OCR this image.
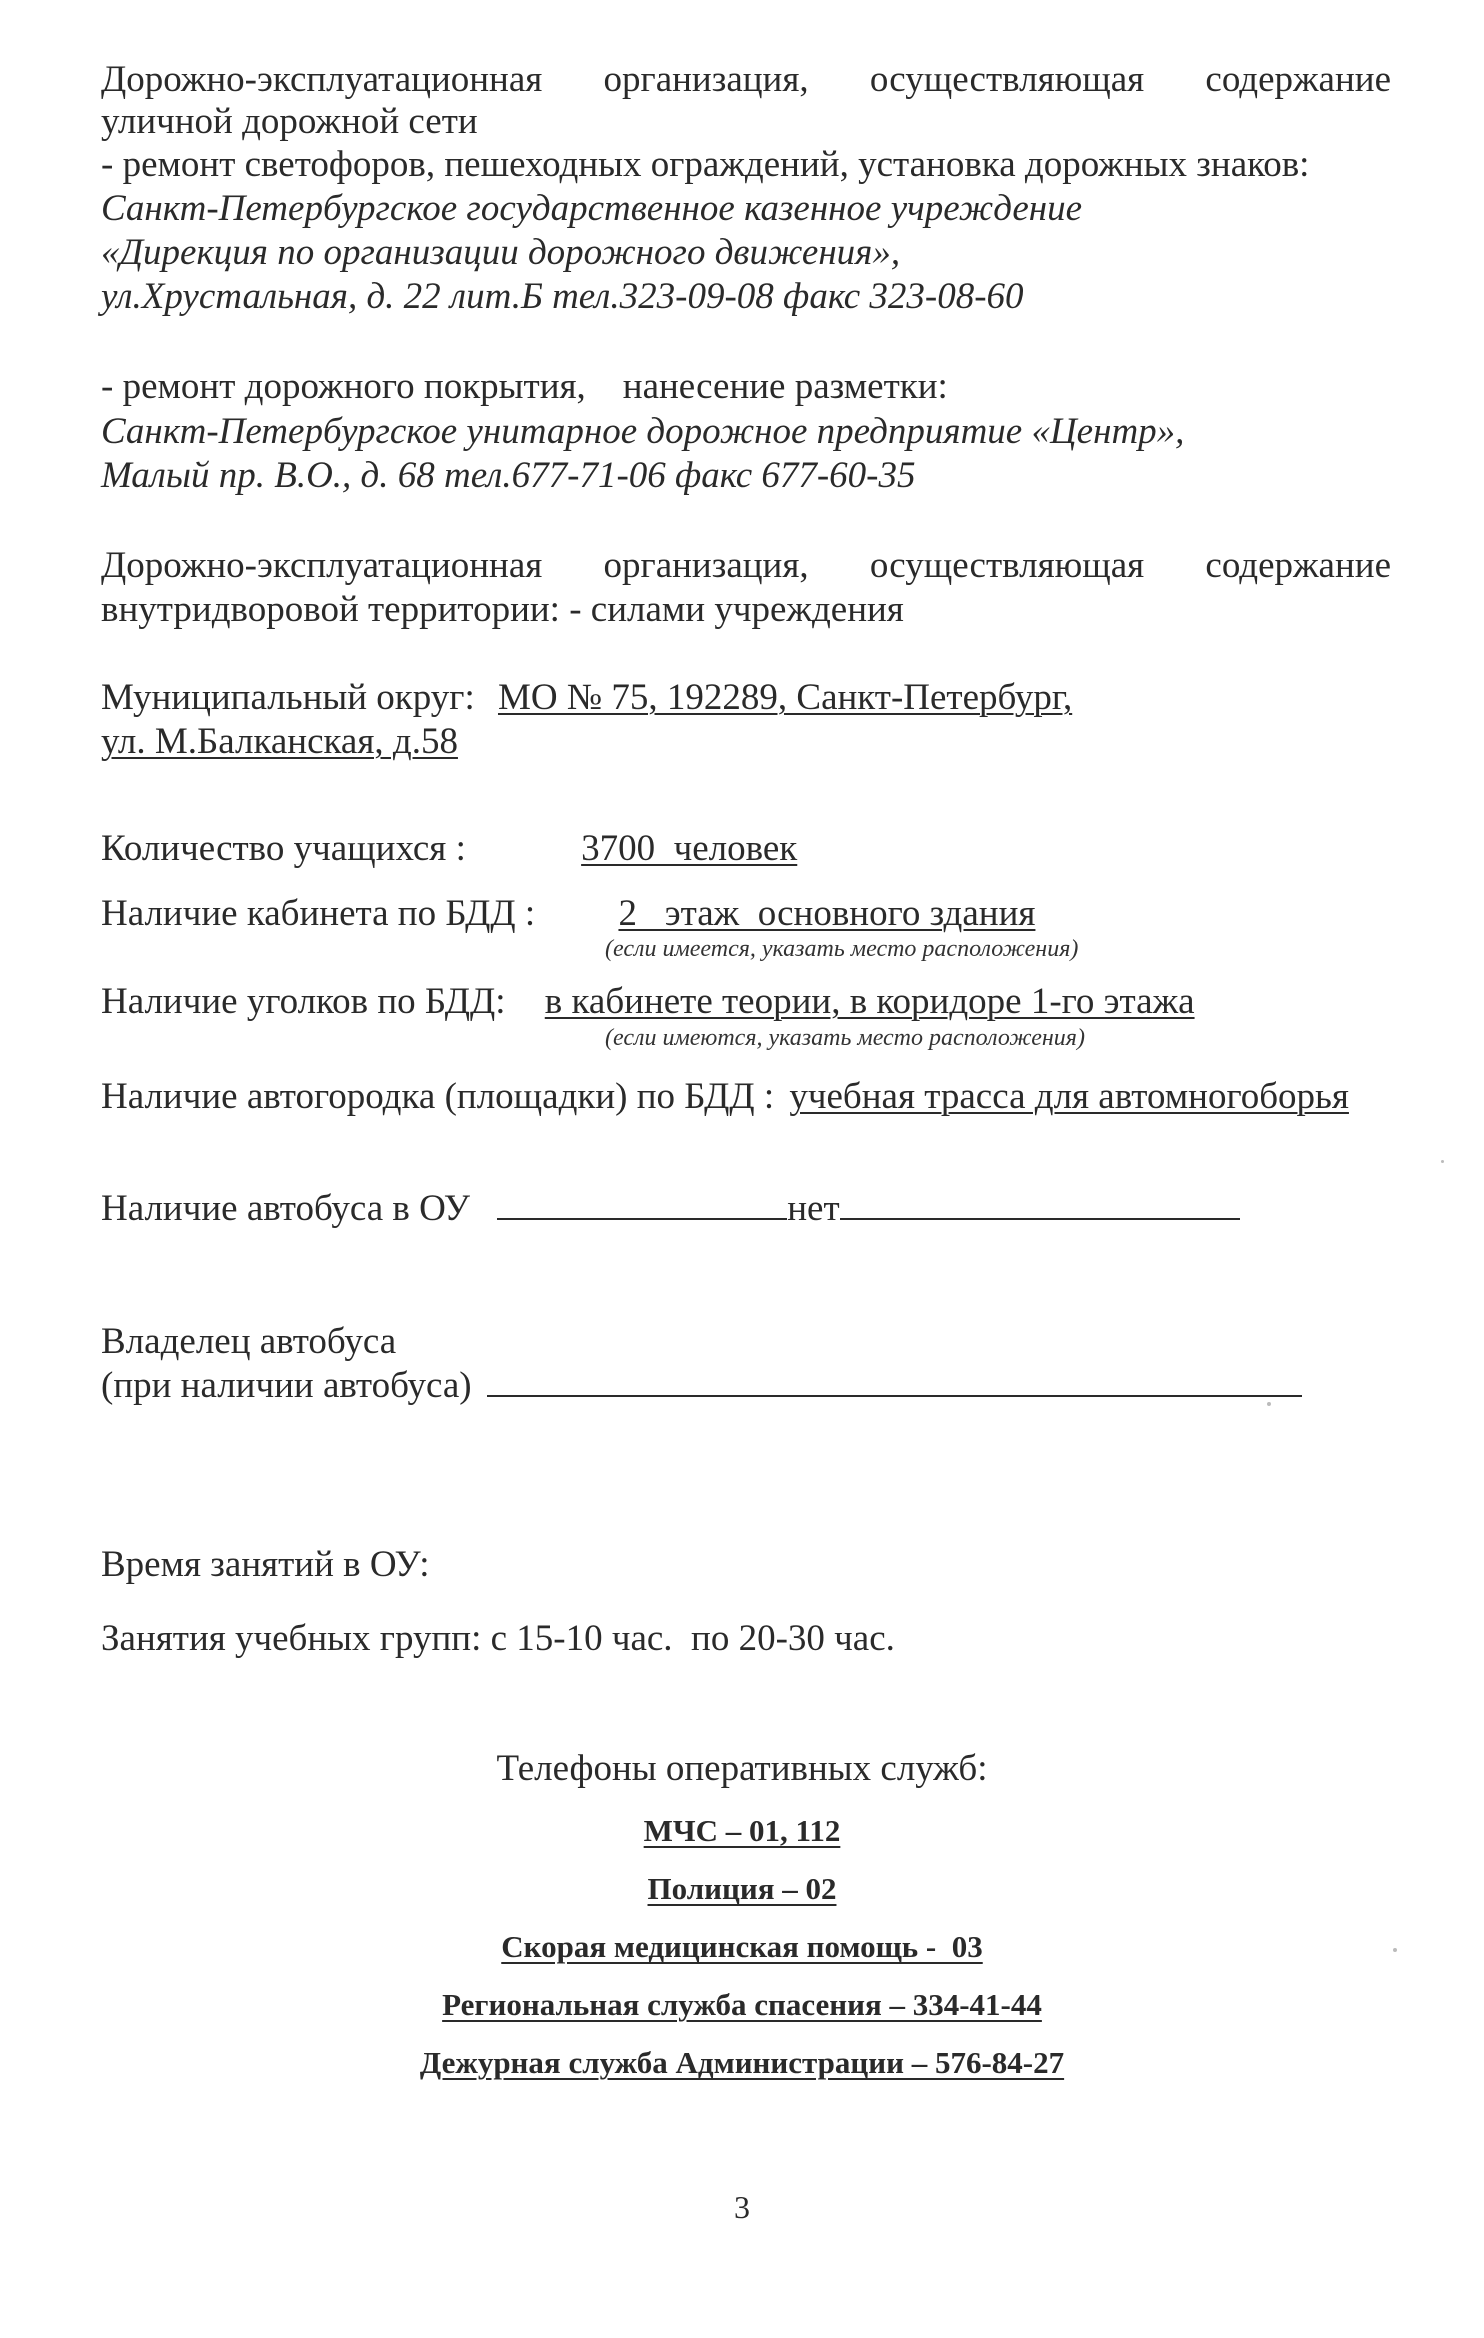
Дорожно-эксплуатационная организация, осуществляющая содержание
уличной дорожной сети
- ремонт светофоров, пешеходных ограждений, установка дорожных знаков:
Санкт-Петербургское государственное казенное учреждение
«Дирекция по организации дорожного движения»,
ул.Хрустальная, д. 22 лит.Б тел.323-09-08 факс 323-08-60
- ремонт дорожного покрытия,    нанесение разметки:
Санкт-Петербургское унитарное дорожное предприятие «Центр»,
Малый пр. В.О., д. 68 тел.677-71-06 факс 677-60-35
Дорожно-эксплуатационная организация, осуществляющая содержание
внутридворовой территории: - силами учреждения
Муниципальный округ: МО № 75, 192289, Санкт-Петербург,
ул. М.Балканская, д.58
Количество учащихся :	3700  человек
Наличие кабинета по БДД : 2   этаж  основного здания
(если имеется, указать место расположения)
Наличие уголков по БДД: в кабинете теории, в коридоре 1-го этажа
(если имеются, указать место расположения)
Наличие автогородка (площадки) по БДД : учебная трасса для автомногоборья
Наличие автобуса в ОУ	нет
Владелец автобуса
(при наличии автобуса)
Время занятий в ОУ:
Занятия учебных групп: с 15-10 час.  по 20-30 час.
Телефоны оперативных служб:
МЧС – 01, 112
Полиция – 02
Скорая медицинская помощь -  03
Региональная служба спасения – 334-41-44
Дежурная служба Администрации – 576-84-27
3
